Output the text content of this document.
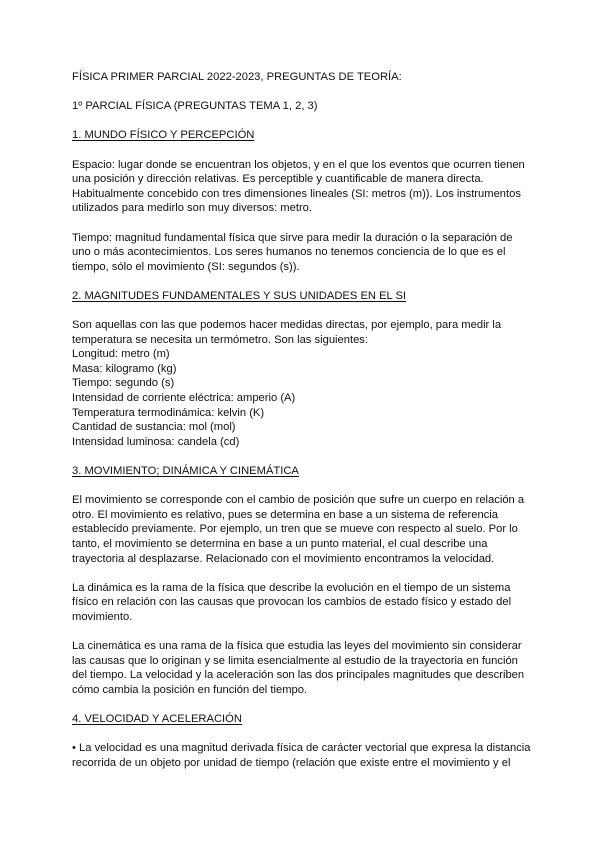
FÍSICA PRIMER PARCIAL 2022-2023, PREGUNTAS DE TEORÍA:
1º PARCIAL FÍSICA (PREGUNTAS TEMA 1, 2, 3)
1. MUNDO FÍSICO Y PERCEPCIÓN
Espacio: lugar donde se encuentran los objetos, y en el que los eventos que ocurren tienen
una posición y dirección relativas. Es perceptible y cuantificable de manera directa.
Habitualmente concebido con tres dimensiones lineales (SI: metros (m)). Los instrumentos
utilizados para medirlo son muy diversos: metro.
Tiempo: magnitud fundamental física que sirve para medir la duración o la separación de
uno o más acontecimientos. Los seres humanos no tenemos conciencia de lo que es el
tiempo, sólo el movimiento (SI: segundos (s)).
2. MAGNITUDES FUNDAMENTALES Y SUS UNIDADES EN EL SI
Son aquellas con las que podemos hacer medidas directas, por ejemplo, para medir la
temperatura se necesita un termómetro. Son las siguientes:
Longitud: metro (m)
Masa: kilogramo (kg)
Tiempo: segundo (s)
Intensidad de corriente eléctrica: amperio (A)
Temperatura termodinámica: kelvin (K)
Cantidad de sustancia: mol (mol)
Intensidad luminosa: candela (cd)
3. MOVIMIENTO; DINÁMICA Y CINEMÁTICA
El movimiento se corresponde con el cambio de posición que sufre un cuerpo en relación a
otro. El movimiento es relativo, pues se determina en base a un sistema de referencia
establecido previamente. Por ejemplo, un tren que se mueve con respecto al suelo. Por lo
tanto, el movimiento se determina en base a un punto material, el cual describe una
trayectoria al desplazarse. Relacionado con el movimiento encontramos la velocidad.
La dinámica es la rama de la física que describe la evolución en el tiempo de un sistema
físico en relación con las causas que provocan los cambios de estado físico y estado del
movimiento.
La cinemática es una rama de la física que estudia las leyes del movimiento sin considerar
las causas que lo originan y se limita esencialmente al estudio de la trayectoria en función
del tiempo. La velocidad y la aceleración son las dos principales magnitudes que describen
cómo cambia la posición en función del tiempo.
4. VELOCIDAD Y ACELERACIÓN
• La velocidad es una magnitud derivada física de carácter vectorial que expresa la distancia
recorrida de un objeto por unidad de tiempo (relación que existe entre el movimiento y el
